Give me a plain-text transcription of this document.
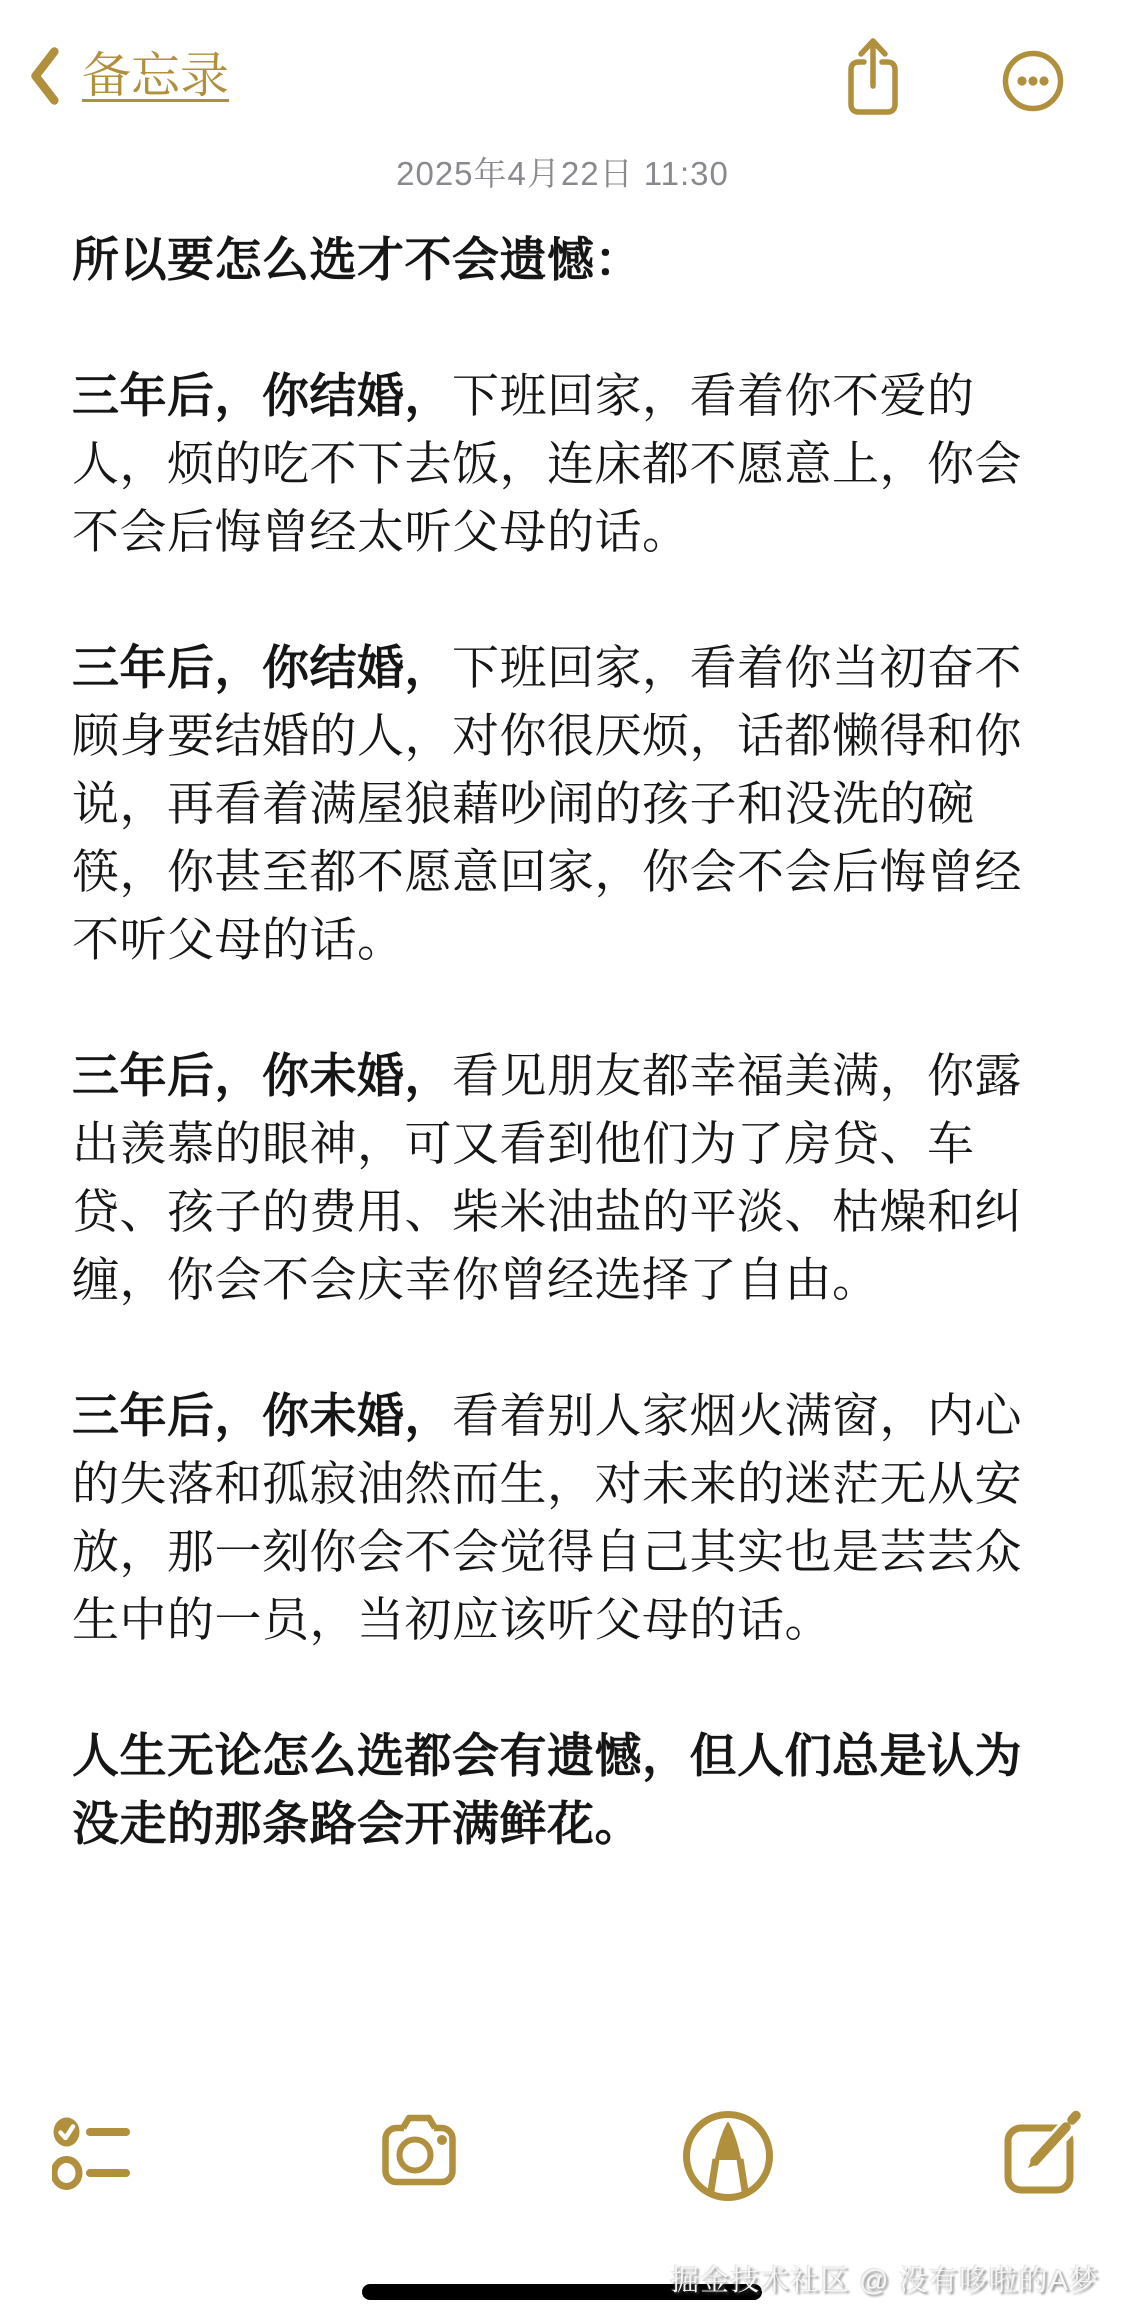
备忘录
2025年4月22日 11:30

所以要怎么选才不会遗憾：

三年后，你结婚，下班回家，看着你不爱的人，烦的吃不下去饭，连床都不愿意上，你会不会后悔曾经太听父母的话。

三年后，你结婚，下班回家，看着你当初奋不顾身要结婚的人，对你很厌烦，话都懒得和你说，再看着满屋狼藉吵闹的孩子和没洗的碗筷，你甚至都不愿意回家，你会不会后悔曾经不听父母的话。

三年后，你未婚，看见朋友都幸福美满，你露出羡慕的眼神，可又看到他们为了房贷、车贷、孩子的费用、柴米油盐的平淡、枯燥和纠缠，你会不会庆幸你曾经选择了自由。

三年后，你未婚，看着别人家烟火满窗，内心的失落和孤寂油然而生，对未来的迷茫无从安放，那一刻你会不会觉得自己其实也是芸芸众生中的一员，当初应该听父母的话。

人生无论怎么选都会有遗憾，但人们总是认为没走的那条路会开满鲜花。

掘金技术社区 @ 没有哆啦的A梦
